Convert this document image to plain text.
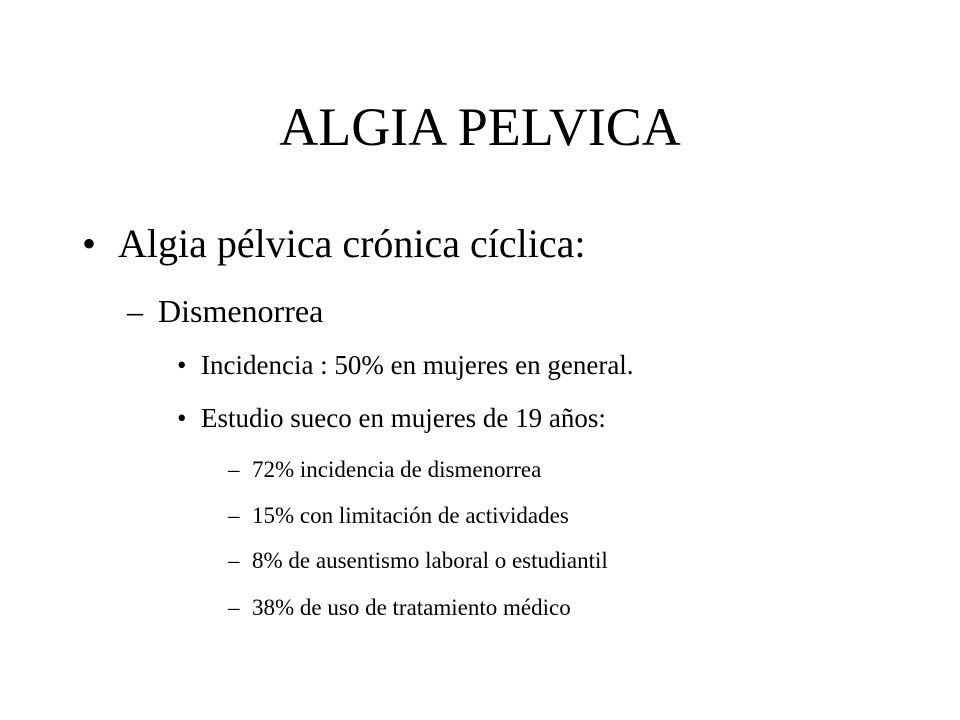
ALGIA PELVICA
• Algia pélvica crónica cíclica:
– Dismenorrea
• Incidencia : 50% en mujeres en general.
• Estudio sueco en mujeres de 19 años:
– 72% incidencia de dismenorrea
– 15% con limitación de actividades
– 8% de ausentismo laboral o estudiantil
– 38% de uso de tratamiento médico
